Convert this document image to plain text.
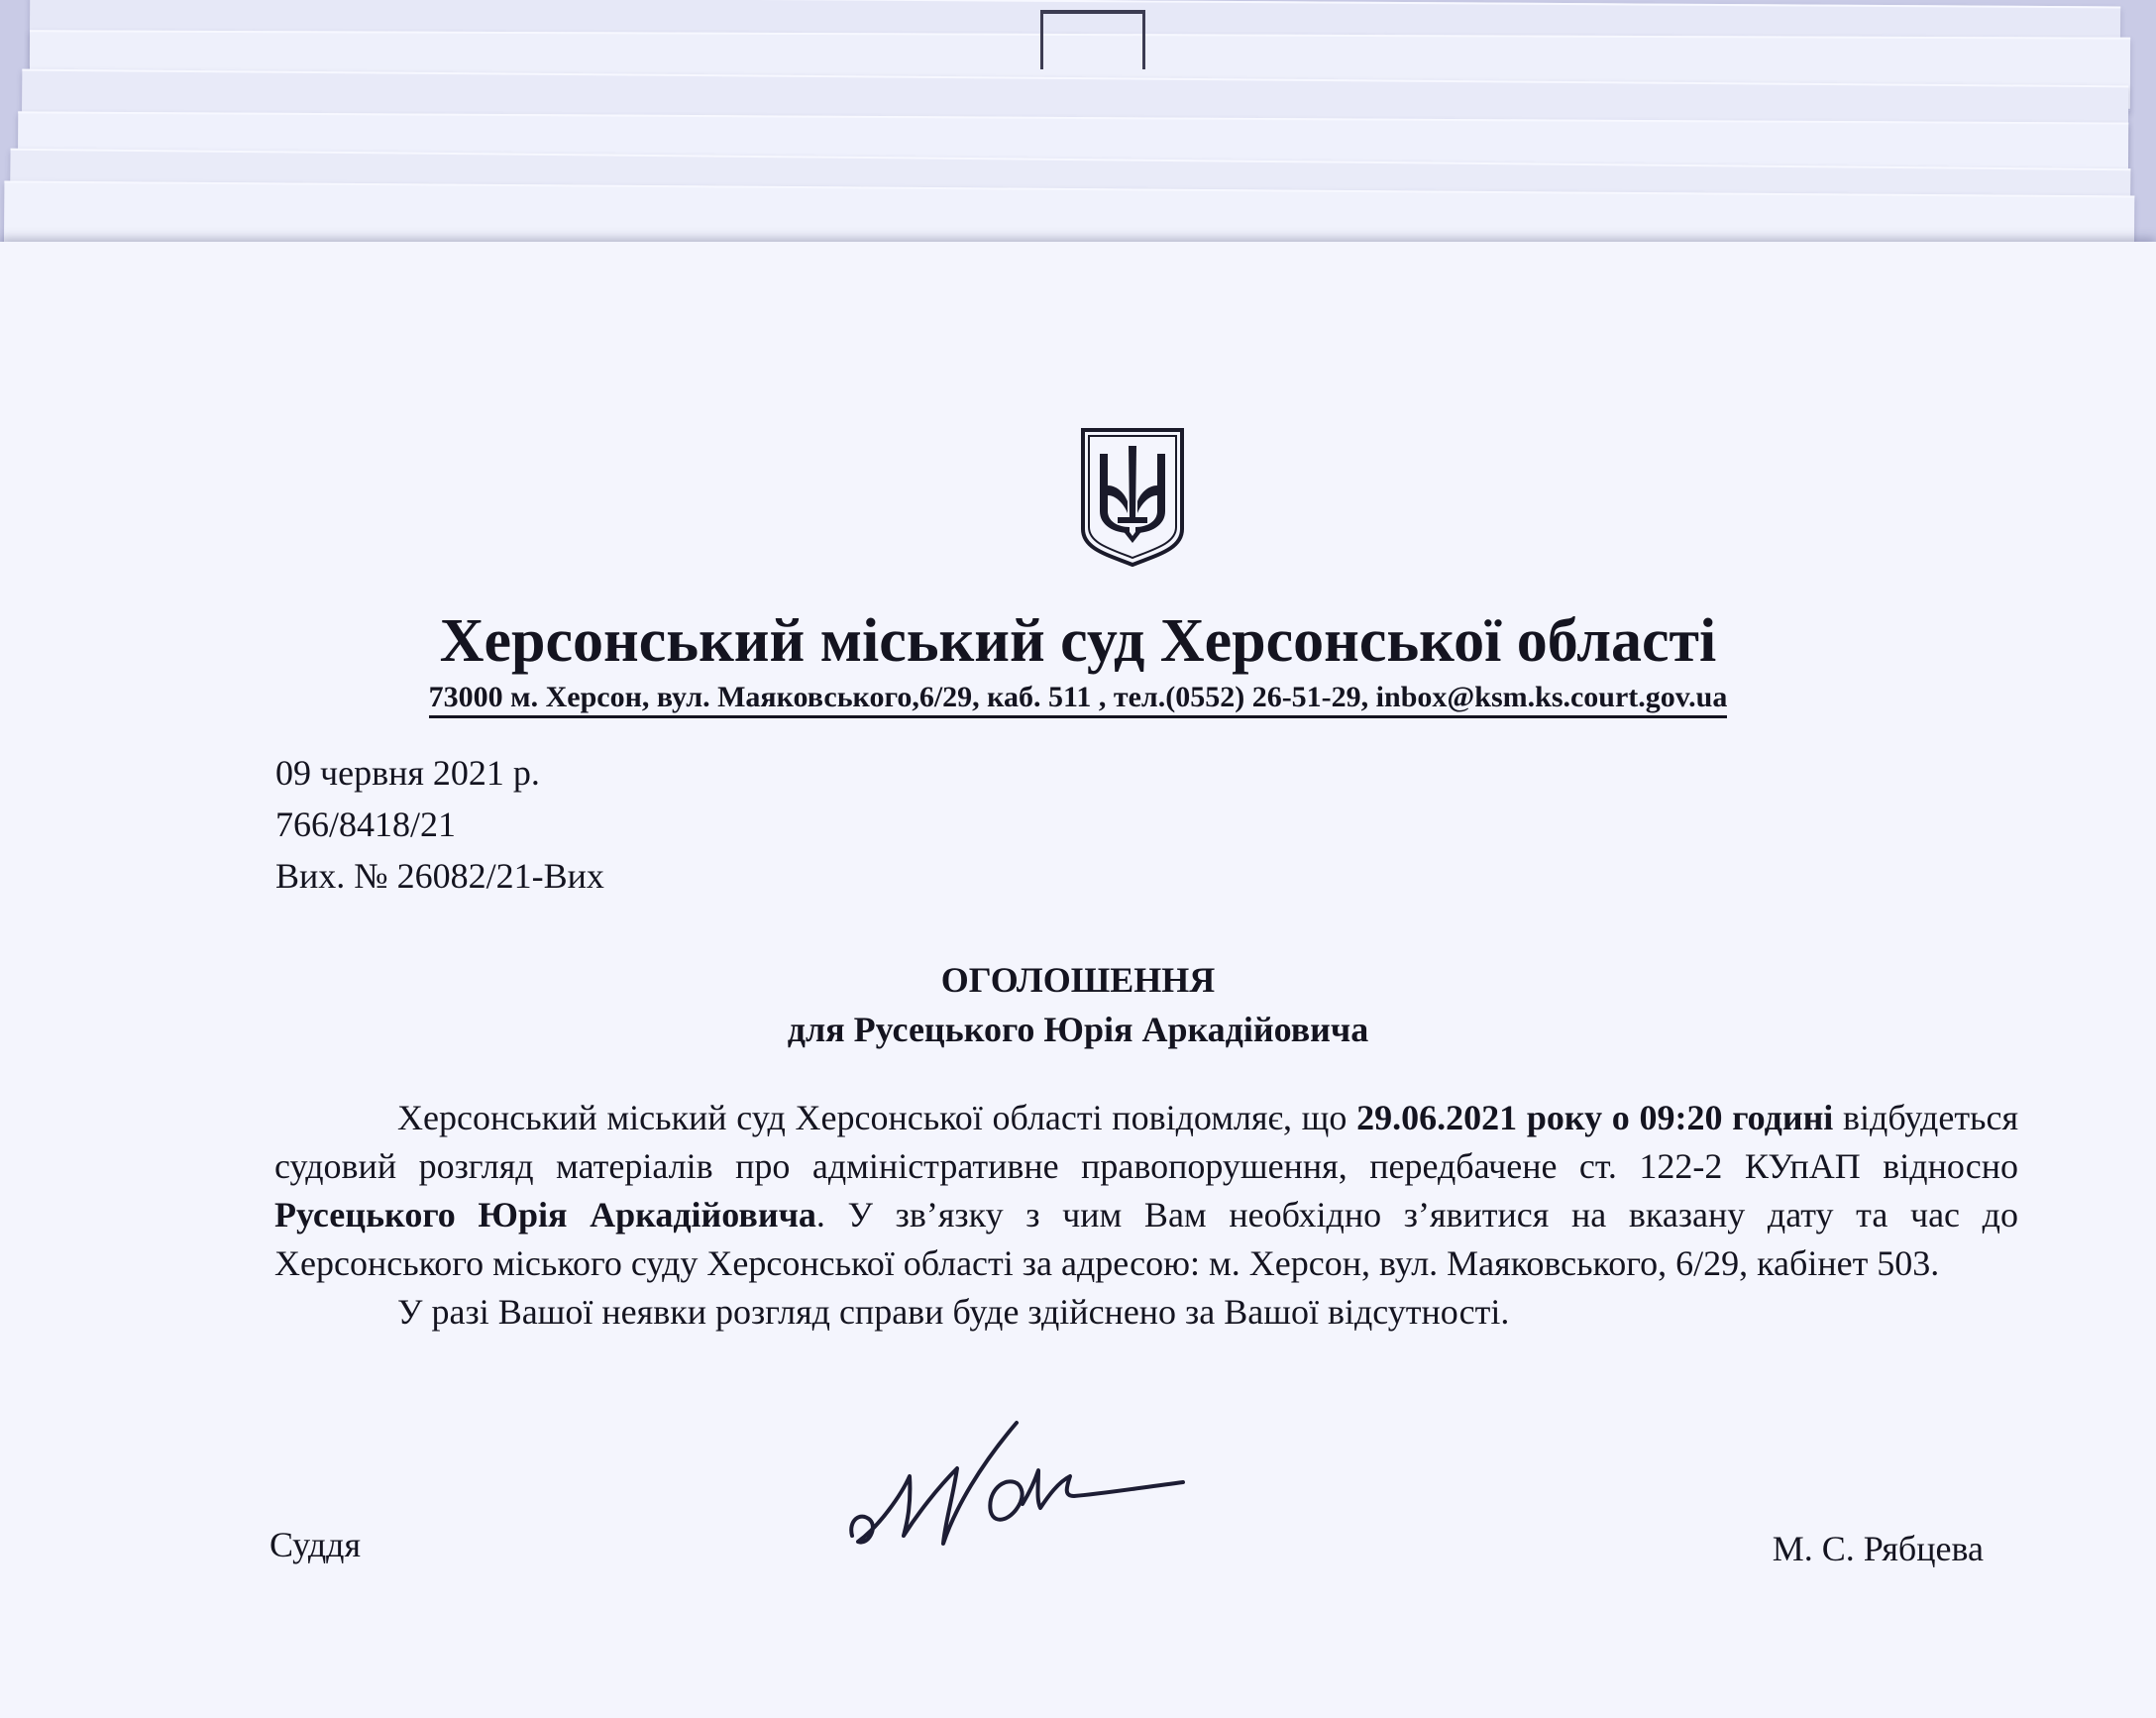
Херсонський міський суд Херсонської області
73000 м. Херсон, вул. Маяковського,6/29, каб. 511 , тел.(0552) 26-51-29, inbox@ksm.ks.court.gov.ua
09 червня 2021 р.
766/8418/21
Вих. № 26082/21-Вих
ОГОЛОШЕННЯ
для Русецького Юрія Аркадійовича

Херсонський міський суд Херсонської області повідомляє, що 29.06.2021 року о 09:20 годині відбудеться судовий розгляд матеріалів про адміністративне правопорушення, передбачене ст. 122-2 КУпАП відносно Русецького Юрія Аркадійовича. У зв’язку з чим Вам необхідно з’явитися на вказану дату та час до Херсонського міського суду Херсонської області за адресою: м. Херсон, вул. Маяковського, 6/29, кабінет 503.

У разі Вашої неявки розгляд справи буде здійснено за Вашої відсутності.

Суддя	М. С. Рябцева
